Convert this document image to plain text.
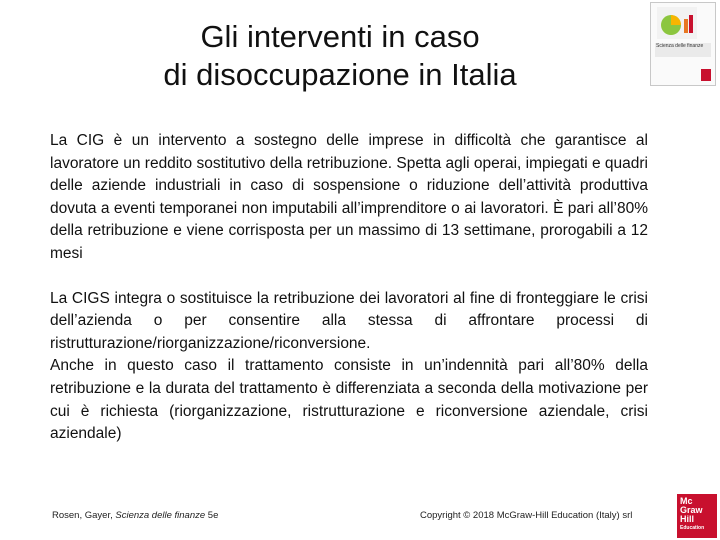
Gli interventi in caso
di disoccupazione in Italia
Scienza delle finanze

La CIG è un intervento a sostegno delle imprese in difficoltà che garantisce al lavoratore un reddito sostitutivo della retribuzione. Spetta agli operai, impiegati e quadri delle aziende industriali in caso di sospensione o riduzione dell’attività produttiva dovuta a eventi temporanei non imputabili all’imprenditore o ai lavoratori. È pari all’80% della retribuzione e viene corrisposta per un massimo di 13 settimane, prorogabili a 12 mesi

La CIGS integra o sostituisce la retribuzione dei lavoratori al fine di fronteggiare le crisi dell’azienda o per consentire alla stessa di affrontare processi di ristrutturazione/riorganizzazione/riconversione.

Anche in questo caso il trattamento consiste in un’indennità pari all’80% della retribuzione e la durata del trattamento è differenziata a seconda della motivazione per cui è richiesta (riorganizzazione, ristrutturazione e riconversione aziendale, crisi aziendale)

Rosen, Gayer, Scienza delle finanze 5e	Copyright © 2018 McGraw-Hill Education (Italy) srl
Mc
Graw
Hill
Education
